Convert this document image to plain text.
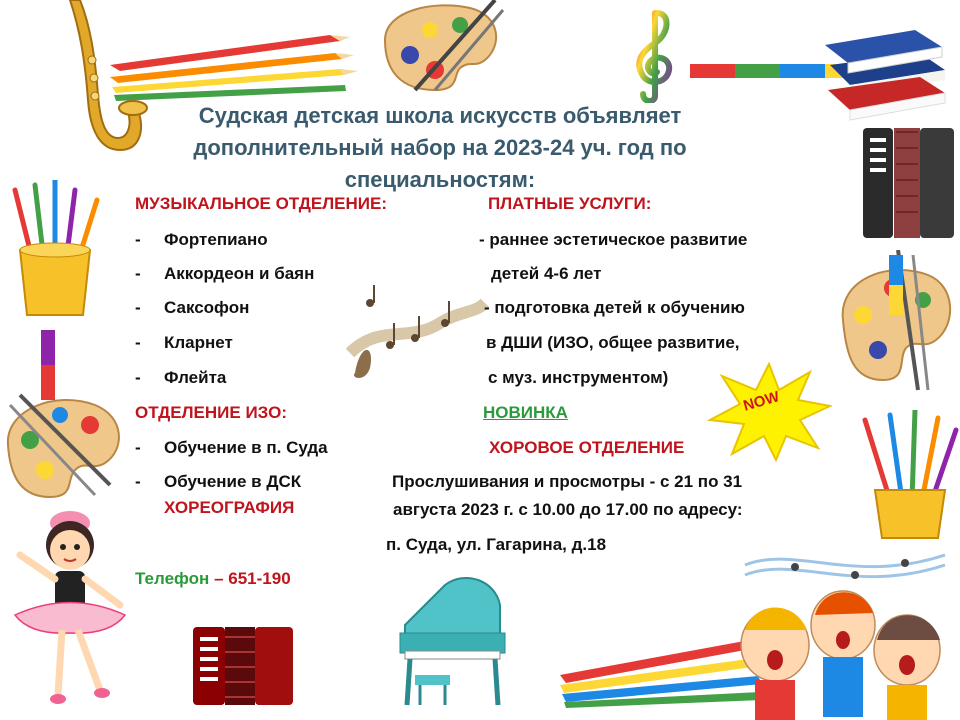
Судская детская школа искусств объявляет
дополнительный набор на 2023-24 уч. год по
специальностям:
МУЗЫКАЛЬНОЕ ОТДЕЛЕНИЕ:
- Фортепиано
- Аккордеон и баян
- Саксофон
- Кларнет
- Флейта
ОТДЕЛЕНИЕ ИЗО:
- Обучение в п. Суда
- Обучение в ДСК
ХОРЕОГРАФИЯ
Телефон – 651-190
ПЛАТНЫЕ УСЛУГИ:
- раннее эстетическое развитие
детей 4-6 лет
- подготовка детей к обучению
в ДШИ (ИЗО, общее развитие,
с муз. инструментом)
НОВИНКА
ХОРОВОЕ ОТДЕЛЕНИЕ
NOW
Прослушивания и просмотры - с 21 по 31
августа 2023 г. с 10.00 до 17.00 по адресу:
п. Суда, ул. Гагарина, д.18
